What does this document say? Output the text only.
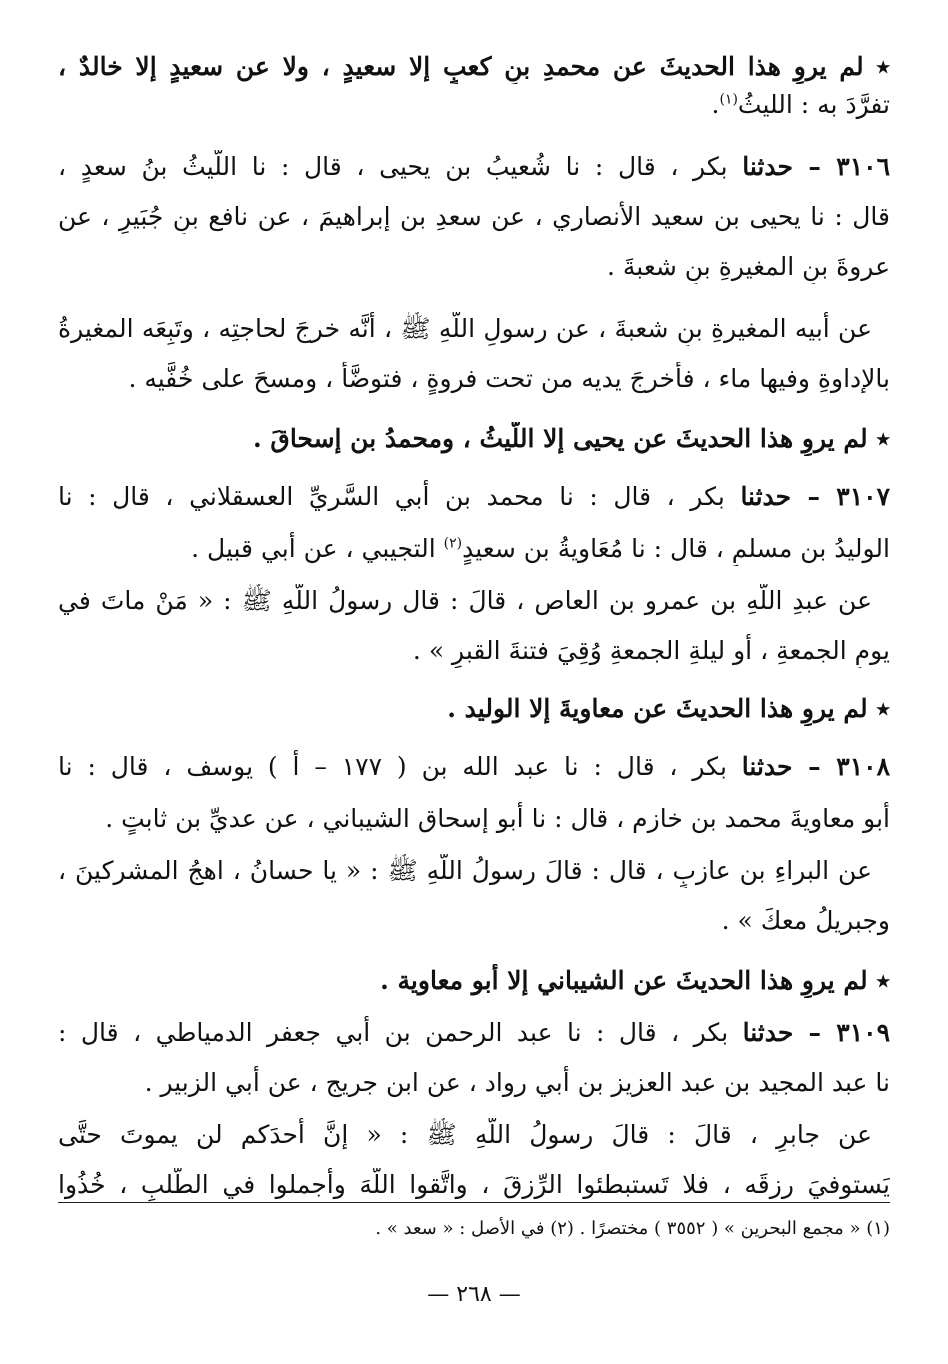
٭ لم يروِ هذا الحديثَ عن محمدِ بنِ كعبٍ إلا سعيدٍ ، ولا عن سعيدٍ إلا خالدٌ ،
تفرَّدَ به : الليثُ$^{(١)}$.
٣١٠٦ – حدثنا بكر ، قال : نا شُعيبُ بن يحيى ، قال : نا اللَّيثُ بنُ سعدٍ ،
قال : نا يحيى بن سعيد الأنصاري ، عن سعدِ بن إبراهيمَ ، عن نافع بنِ جُبَيرٍ ، عن
عروةَ بنِ المغيرةِ بنِ شعبةَ .
عن أبيه المغيرةِ بنِ شعبةَ ، عن رسولِ اللَّهِ ﷺ ، أنَّه خرجَ لحاجتِه ، وتَبِعَه المغيرةُ
بالإداوةِ وفيها ماء ، فأخرجَ يديه من تحت فروةٍ ، فتوضَّأ ، ومسحَ على خُفَّيه .
٭ لم يروِ هذا الحديثَ عن يحيى إلا اللَّيثُ ، ومحمدُ بن إسحاقَ .
٣١٠٧ – حدثنا بكر ، قال : نا محمد بن أبي السَّريِّ العسقلاني ، قال : نا
الوليدُ بن مسلمٍ ، قال : نا مُعَاويةُ بن سعيدٍ$^{(٢)}$ التجيبي ، عن أبي قبيل .
عن عبدِ اللَّهِ بن عمرو بن العاص ، قالَ : قال رسولُ اللَّهِ ﷺ : « مَنْ ماتَ في
يومِ الجمعةِ ، أو ليلةِ الجمعةِ وُقِيَ فتنةَ القبرِ » .
٭ لم يروِ هذا الحديثَ عن معاويةَ إلا الوليد .
٣١٠٨ – حدثنا بكر ، قال : نا عبد الله بن ( ١٧٧ – أ ) يوسف ، قال : نا
أبو معاويةَ محمد بن خازم ، قال : نا أبو إسحاق الشيباني ، عن عديِّ بن ثابتٍ .
عن البراءِ بن عازبٍ ، قال : قالَ رسولُ اللَّهِ ﷺ : « يا حسانُ ، اهجُ المشركينَ ،
وجبريلُ معكَ » .
٭ لم يروِ هذا الحديثَ عن الشيباني إلا أبو معاوية .
٣١٠٩ – حدثنا بكر ، قال : نا عبد الرحمن بن أبي جعفر الدمياطي ، قال :
نا عبد المجيد بن عبد العزيز بن أبي رواد ، عن ابن جريج ، عن أبي الزبير .
عن جابرٍ ، قالَ : قالَ رسولُ اللَّهِ ﷺ : « إنَّ أحدَكم لن يموتَ حتَّى
يَستوفيَ رزقَه ، فلا تَستبطئوا الرِّزقَ ، واتَّقوا اللَّهَ وأجملوا في الطَّلبِ ، خُذُوا
(١) « مجمع البحرين » ( ٣٥٥٢ ) مختصرًا . (٢) في الأصل : « سعد » .
— ٢٦٨ —
